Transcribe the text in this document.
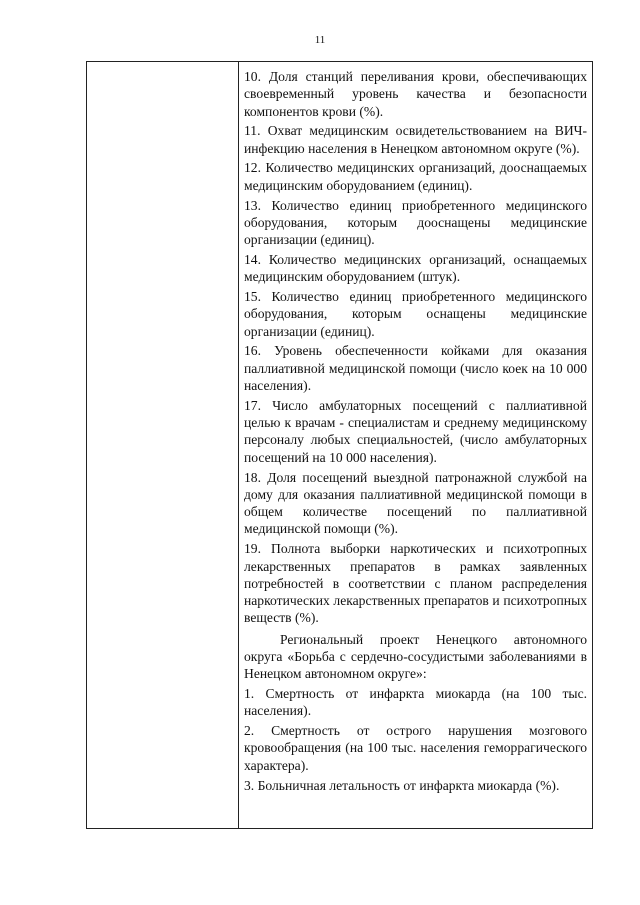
11

10. Доля станций переливания крови, обеспечивающих своевременный уровень качества и безопасности компонентов крови (%).

11. Охват медицинским освидетельствованием на ВИЧ-инфекцию населения в Ненецком автономном округе (%).

12. Количество медицинских организаций, дооснащаемых медицинским оборудованием (единиц).

13. Количество единиц приобретенного медицинского оборудования, которым дооснащены медицинские организации (единиц).

14. Количество медицинских организаций, оснащаемых медицинским оборудованием (штук).

15. Количество единиц приобретенного медицинского оборудования, которым оснащены медицинские организации (единиц).

16. Уровень обеспеченности койками для оказания паллиативной медицинской помощи (число коек на 10 000 населения).

17. Число амбулаторных посещений с паллиативной целью к врачам - специалистам и среднему медицинскому персоналу любых специальностей, (число амбулаторных посещений на 10 000 населения).

18. Доля посещений выездной патронажной службой на дому для оказания паллиативной медицинской помощи в общем количестве посещений по паллиативной медицинской помощи (%).

19. Полнота выборки наркотических и психотропных лекарственных препаратов в рамках заявленных потребностей в соответствии с планом распределения наркотических лекарственных препаратов и психотропных веществ (%).

Региональный проект Ненецкого автономного округа «Борьба с сердечно-сосудистыми заболеваниями в Ненецком автономном округе»:

1. Смертность от инфаркта миокарда (на 100 тыс. населения).

2. Смертность от острого нарушения мозгового кровообращения (на 100 тыс. населения геморрагического характера).

3. Больничная летальность от инфаркта миокарда (%).
